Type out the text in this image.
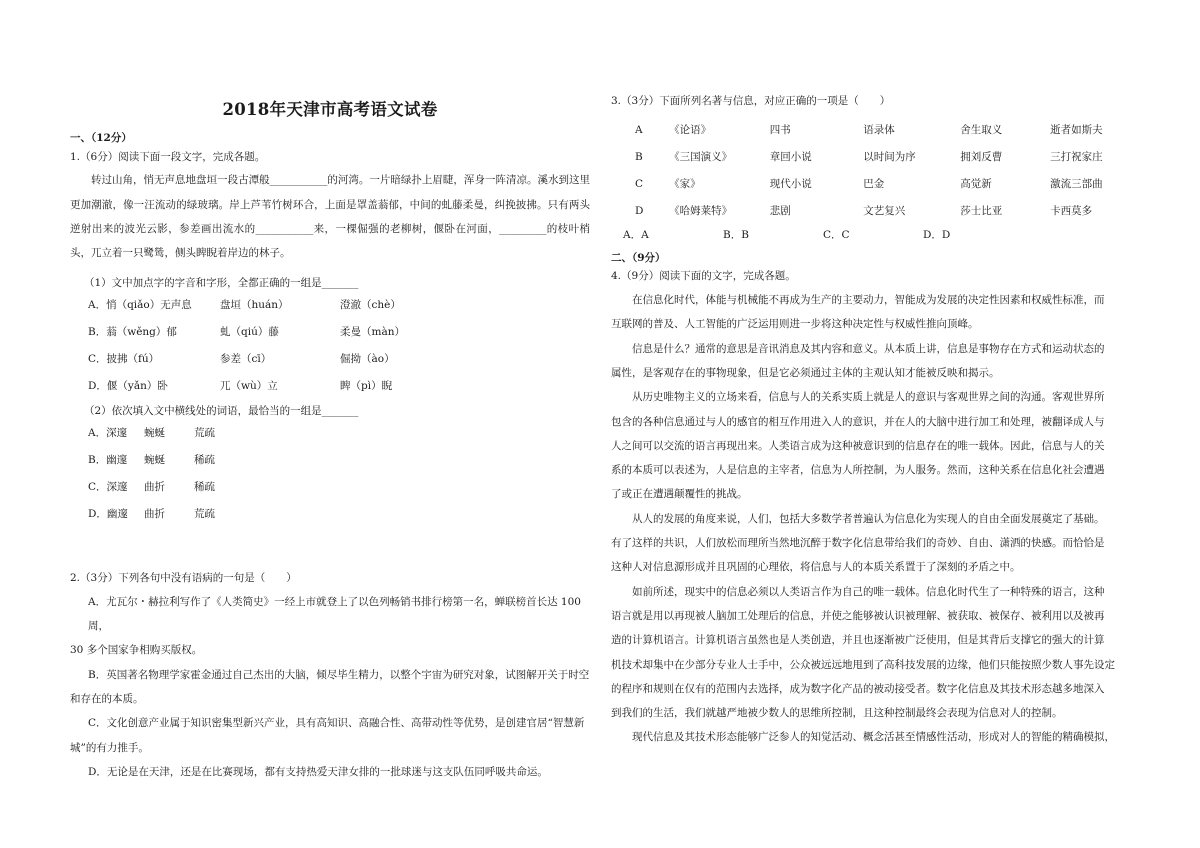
2018年天津市高考语文试卷
一、（12分）
1.（6分）阅读下面一段文字，完成各题。

转过山角，悄无声息地盘垣一段古潭般___________的河湾。一片暗绿扑上眉睫，浑身一阵清凉。溪水到这里更加潮澈，像一汪流动的绿玻璃。岸上芦苇竹树环合，上面是罩盖蓊郁，中间的虬藤柔曼，纠挽披拂。只有两头逆射出来的波光云影，参差画出流水的___________来，一棵倔强的老柳树，偃卧在河面，_________的枝叶梢头，兀立着一只鹭鸶，侧头睥睨着岸边的林子。

（1）文中加点字的字音和字形，全都正确的一组是_______
A．悄（qiǎo）无声息	盘垣（huán）	澄澈（chè）
B．蓊（wěng）郁	虬（qiú）藤	柔曼（màn）
C．披拂（fú）	参差（cī）	倔拗（ào）
D．偃（yǎn）卧	兀（wù）立	睥（pì）睨
（2）依次填入文中横线处的词语，最恰当的一组是_______
A．深邃	蜿蜒	荒疏
B．幽邃	蜿蜒	稀疏
C．深邃	曲折	稀疏
D．幽邃	曲折	荒疏
2.（3分）下列各句中没有语病的一句是（　　）

A．尤瓦尔・赫拉利写作了《人类简史》一经上市就登上了以色列畅销书排行榜第一名，蝉联榜首长达 100 周，

30 多个国家争相购买版权。

B．英国著名物理学家霍金通过自己杰出的大脑，倾尽毕生精力，以整个宇宙为研究对象，试图解开关于时空

和存在的本质。

C．文化创意产业属于知识密集型新兴产业，具有高知识、高融合性、高带动性等优势，是创建官居“智慧新

城”的有力推手。

D．无论是在天津，还是在比赛现场，都有支持热爱天津女排的一批球迷与这支队伍同呼吸共命运。

3.（3分）下面所列名著与信息，对应正确的一项是（　　）
A	《论语》	四书	语录体	舍生取义	逝者如斯夫
B	《三国演义》	章回小说	以时间为序	拥刘反曹	三打祝家庄
C	《家》	现代小说	巴金	高觉新	激流三部曲
D	《哈姆莱特》	悲剧	文艺复兴	莎士比亚	卡西莫多
A．A	B．B	C．C	D．D
二、（9分）
4.（9分）阅读下面的文字，完成各题。

在信息化时代，体能与机械能不再成为生产的主要动力，智能成为发展的决定性因素和权威性标准，而

互联网的普及、人工智能的广泛运用则进一步将这种决定性与权威性推向顶峰。

信息是什么？通常的意思是音讯消息及其内容和意义。从本质上讲，信息是事物存在方式和运动状态的

属性，是客观存在的事物现象，但是它必须通过主体的主观认知才能被反映和揭示。

从历史唯物主义的立场来看，信息与人的关系实质上就是人的意识与客观世界之间的沟通。客观世界所

包含的各种信息通过与人的感官的相互作用进入人的意识，并在人的大脑中进行加工和处理，被翻译成人与

人之间可以交流的语言再现出来。人类语言成为这种被意识到的信息存在的唯一载体。因此，信息与人的关

系的本质可以表述为，人是信息的主宰者，信息为人所控制，为人服务。然而，这种关系在信息化社会遭遇

了或正在遭遇颠覆性的挑战。

从人的发展的角度来说，人们，包括大多数学者普遍认为信息化为实现人的自由全面发展奠定了基础。

有了这样的共识，人们放松而理所当然地沉醉于数字化信息带给我们的奇妙、自由、潇洒的快感。而恰恰是

这种人对信息源形成并且巩固的心理依，将信息与人的本质关系置于了深刻的矛盾之中。

如前所述，现实中的信息必须以人类语言作为自己的唯一载体。信息化时代生了一种特殊的语言，这种

语言就是用以再现被人脑加工处理后的信息，并使之能够被认识被理解、被获取、被保存、被利用以及被再

造的计算机语言。计算机语言虽然也是人类创造，并且也逐渐被广泛使用，但是其背后支撑它的强大的计算

机技术却集中在少部分专业人士手中，公众被远远地甩到了高科技发展的边缘，他们只能按照少数人事先设定

的程序和规则在仅有的范围内去选择，成为数字化产品的被动接受者。数字化信息及其技术形态越多地深入

到我们的生活，我们就越严地被少数人的思维所控制，且这种控制最终会表现为信息对人的控制。

现代信息及其技术形态能够广泛参人的知觉活动、概念活甚至情感性活动，形成对人的智能的精确模拟，
